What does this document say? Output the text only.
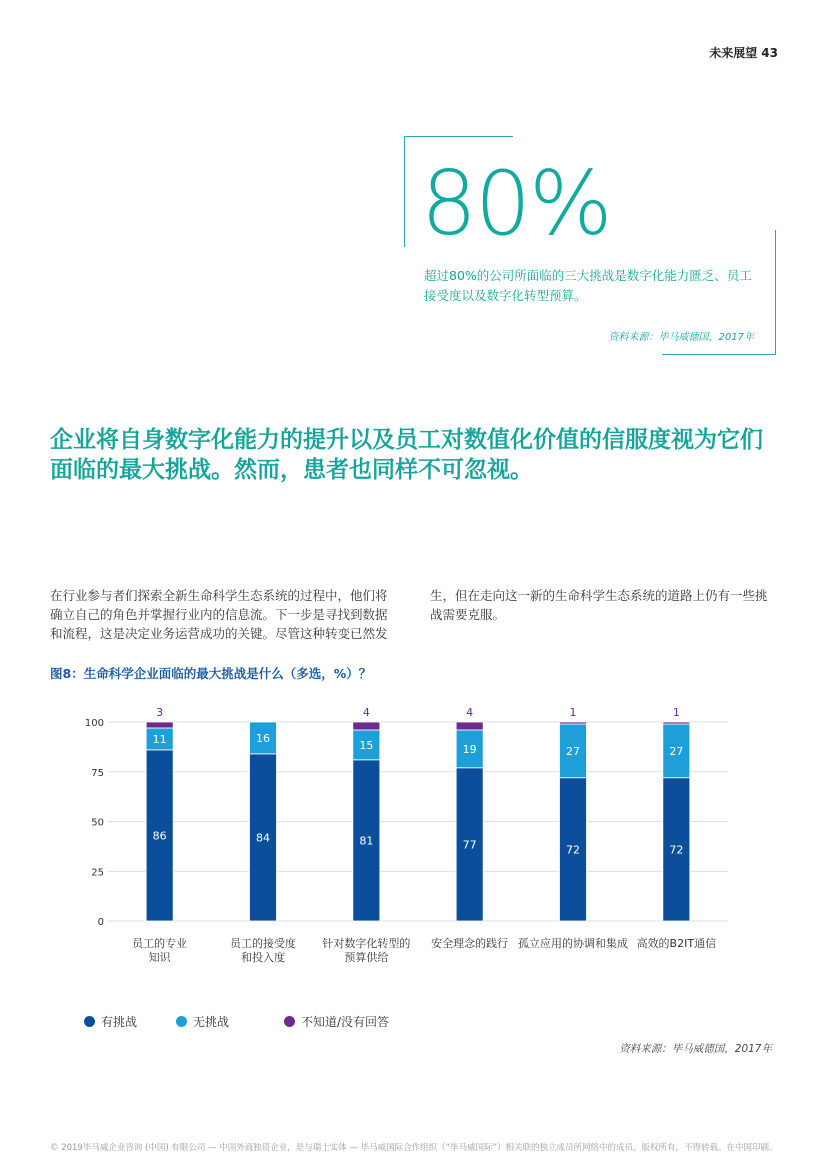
未来展望 43
80%
超过80%的公司所面临的三大挑战是数字化能力匮乏、员工接受度以及数字化转型预算。
资料来源：毕马威德国，2017年
企业将自身数字化能力的提升以及员工对数值化价值的信服度视为它们面临的最大挑战。然而，患者也同样不可忽视。
在行业参与者们探索全新生命科学生态系统的过程中，他们将确立自己的角色并掌握行业内的信息流。下一步是寻找到数据和流程，这是决定业务运营成功的关键。尽管这种转变已然发
生，但在走向这一新的生命科学生态系统的道路上仍有一些挑战需要克服。
图8：生命科学企业面临的最大挑战是什么（多选，%）？
0
25
50
75
100
86
11
3
员工的专业
知识
84
16
员工的接受度
和投入度
81
15
4
针对数字化转型的
预算供给
77
19
4
安全理念的践行
72
27
1
孤立应用的协调和集成
72
27
1
高效的B2IT通信
有挑战	无挑战	不知道/没有回答
资料来源：毕马威德国，2017年
© 2019毕马威企业咨询 (中国) 有限公司 — 中国外商独资企业，是与瑞士实体 — 毕马威国际合作组织（“毕马威国际”）相关联的独立成员所网络中的成员。版权所有，不得转载。在中国印刷。
